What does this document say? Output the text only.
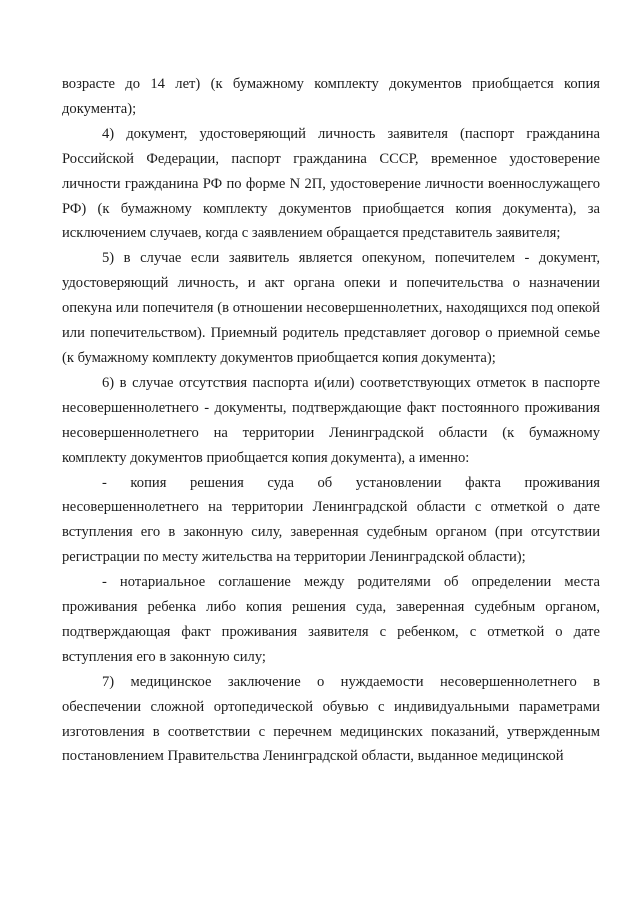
возрасте до 14 лет) (к бумажному комплекту документов приобщается копия документа);

4) документ, удостоверяющий личность заявителя (паспорт гражданина Российской Федерации, паспорт гражданина СССР, временное удостоверение личности гражданина РФ по форме N 2П, удостоверение личности военнослужащего РФ) (к бумажному комплекту документов приобщается копия документа), за исключением случаев, когда с заявлением обращается представитель заявителя;

5) в случае если заявитель является опекуном, попечителем - документ, удостоверяющий личность, и акт органа опеки и попечительства о назначении опекуна или попечителя (в отношении несовершеннолетних, находящихся под опекой или попечительством). Приемный родитель представляет договор о приемной семье (к бумажному комплекту документов приобщается копия документа);

6) в случае отсутствия паспорта и(или) соответствующих отметок в паспорте несовершеннолетнего - документы, подтверждающие факт постоянного проживания несовершеннолетнего на территории Ленинградской области (к бумажному комплекту документов приобщается копия документа), а именно:

- копия решения суда об установлении факта проживания несовершеннолетнего на территории Ленинградской области с отметкой о дате вступления его в законную силу, заверенная судебным органом (при отсутствии регистрации по месту жительства на территории Ленинградской области);

- нотариальное соглашение между родителями об определении места проживания ребенка либо копия решения суда, заверенная судебным органом, подтверждающая факт проживания заявителя с ребенком, с отметкой о дате вступления его в законную силу;

7) медицинское заключение о нуждаемости несовершеннолетнего в обеспечении сложной ортопедической обувью с индивидуальными параметрами изготовления в соответствии с перечнем медицинских показаний, утвержденным постановлением Правительства Ленинградской области, выданное медицинской
